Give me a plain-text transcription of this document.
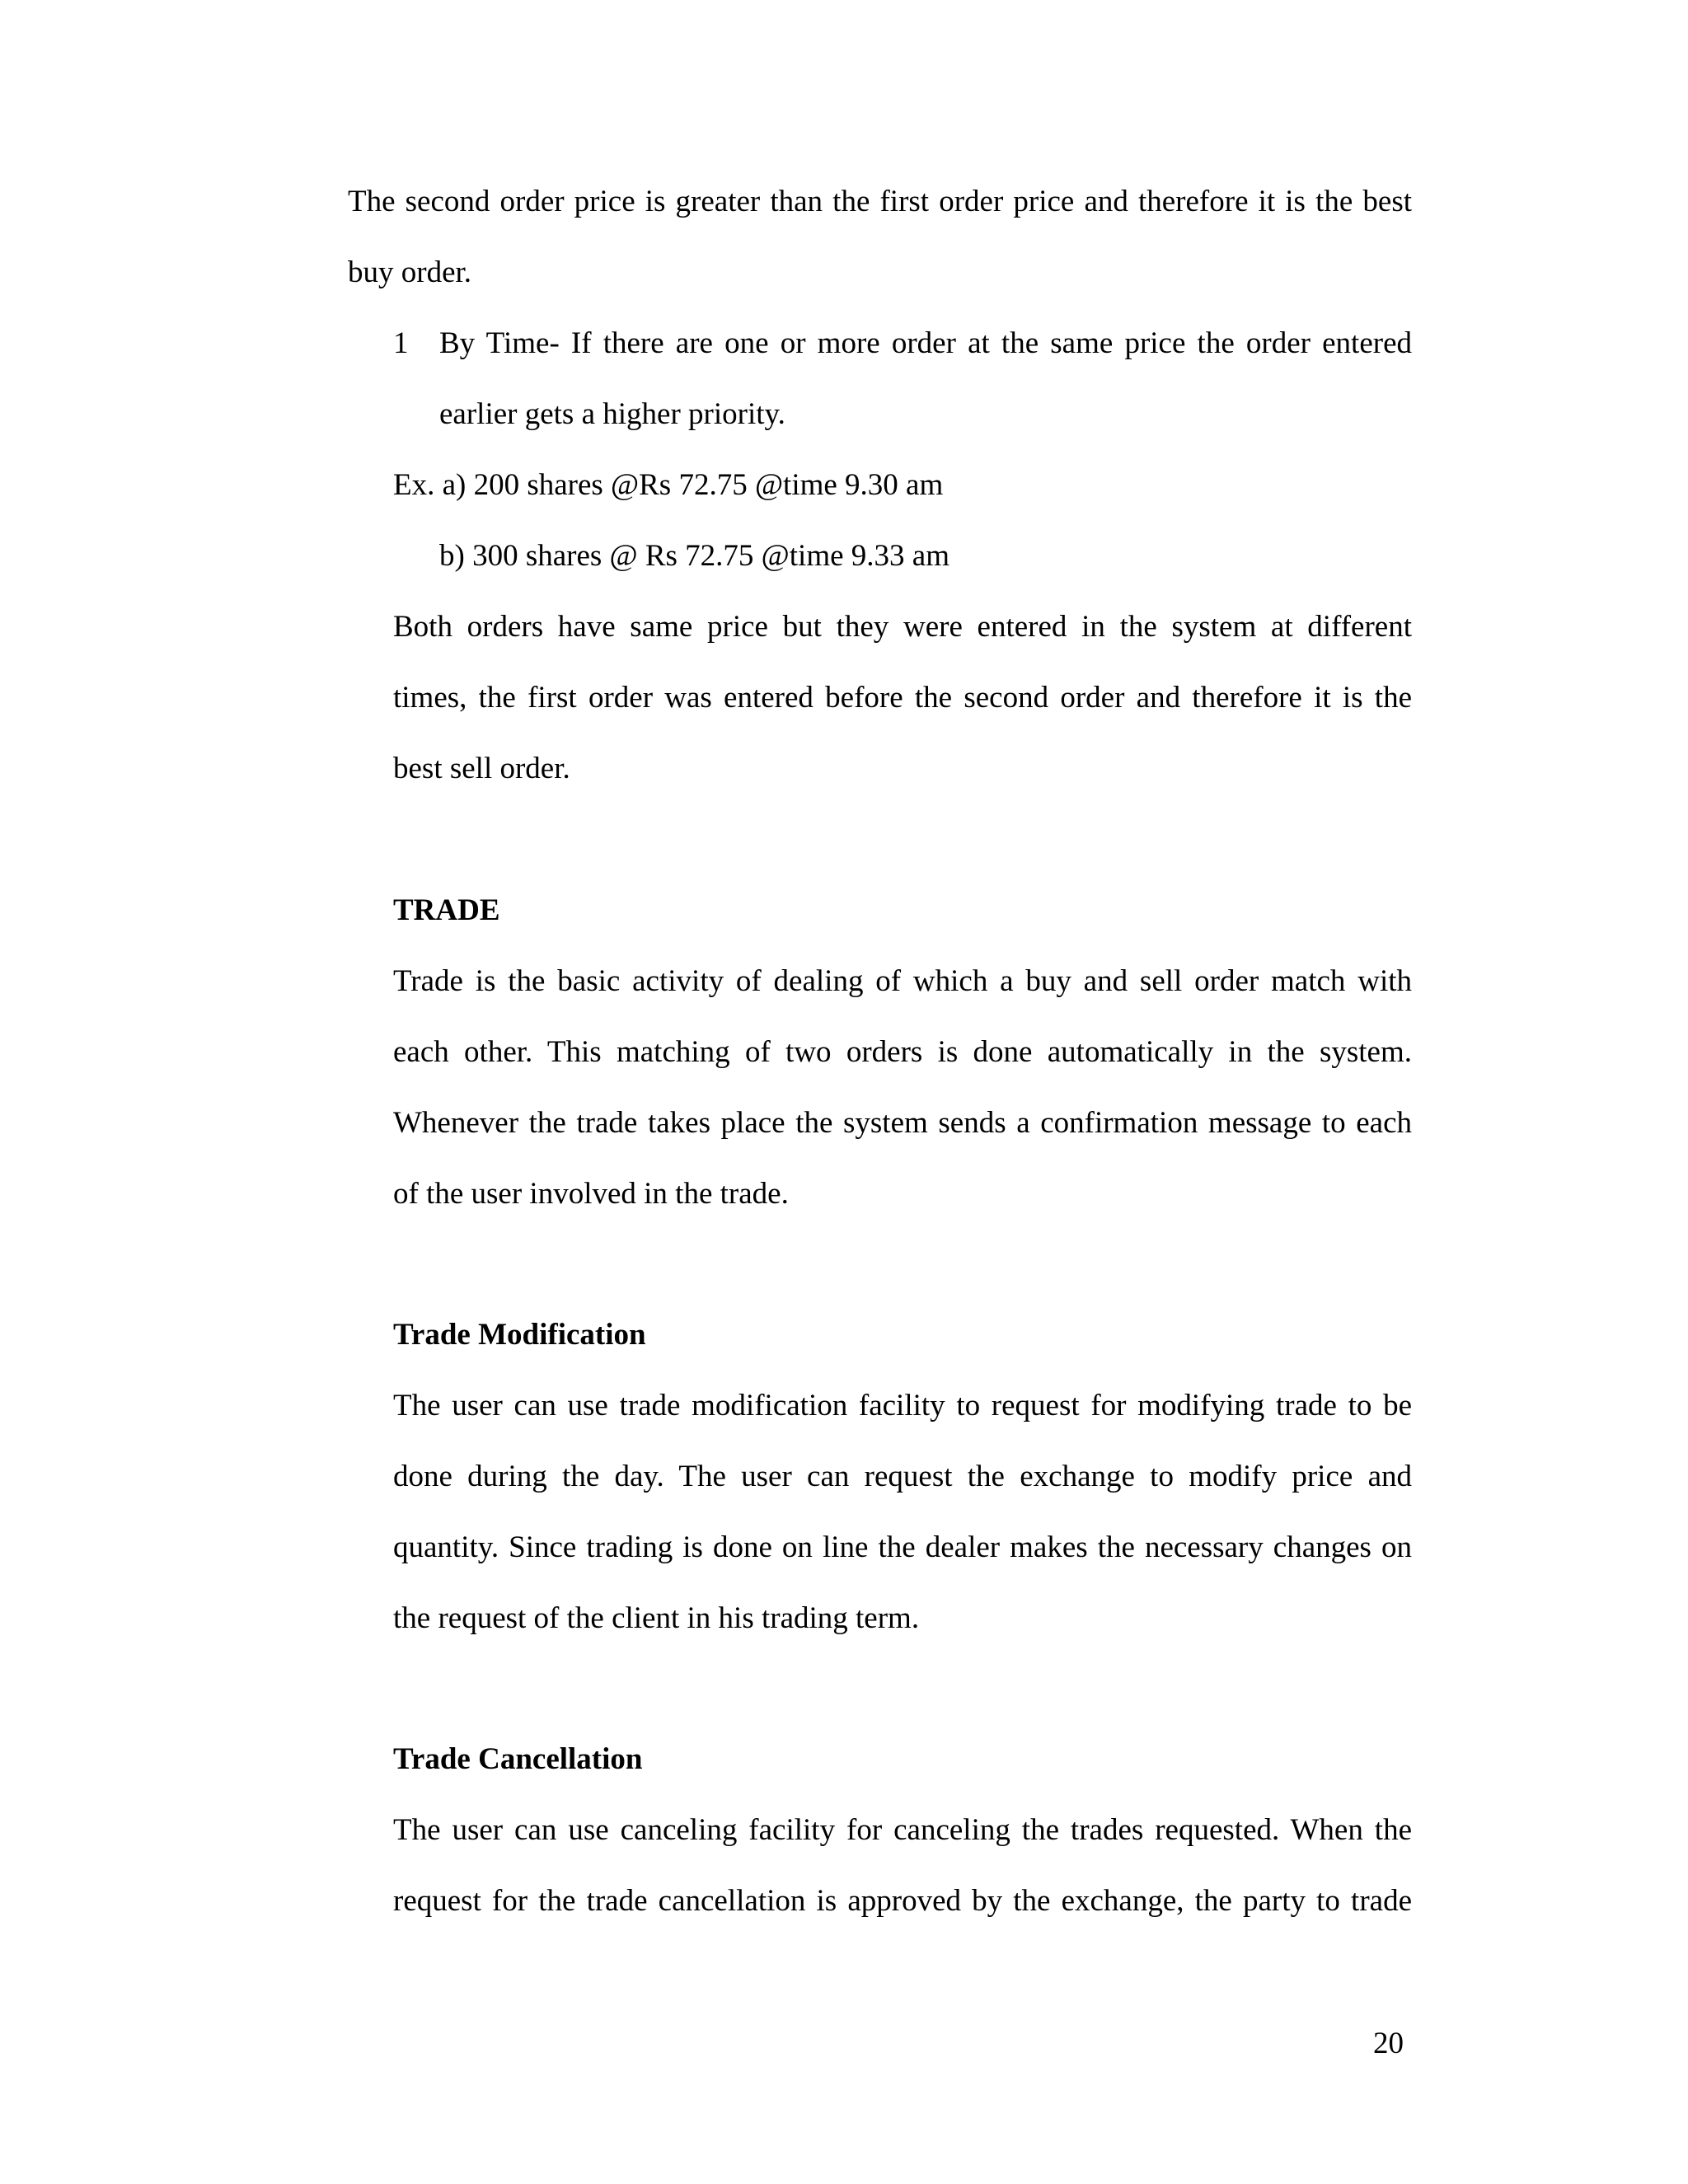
The second order price is greater than the first order price and therefore it is the best

buy order.

1 By Time- If there are one or more order at the same price the order entered

earlier gets a higher priority.

Ex. a) 200 shares @Rs 72.75 @time 9.30 am

b) 300 shares @ Rs 72.75 @time 9.33 am

Both orders have same price but they were entered in the system at different

times, the first order was entered before the second order and therefore it is the

best sell order.

TRADE

Trade is the basic activity of dealing of which a buy and sell order match with

each other. This matching of two orders is done automatically in the system.

Whenever the trade takes place the system sends a confirmation message to each

of the user involved in the trade.

Trade Modification

The user can use trade modification facility to request for modifying trade to be

done during the day. The user can request the exchange to modify price and

quantity. Since trading is done on line the dealer makes the necessary changes on

the request of the client in his trading term.

Trade Cancellation

The user can use canceling facility for canceling the trades requested. When the

request for the trade cancellation is approved by the exchange, the party to trade

20
